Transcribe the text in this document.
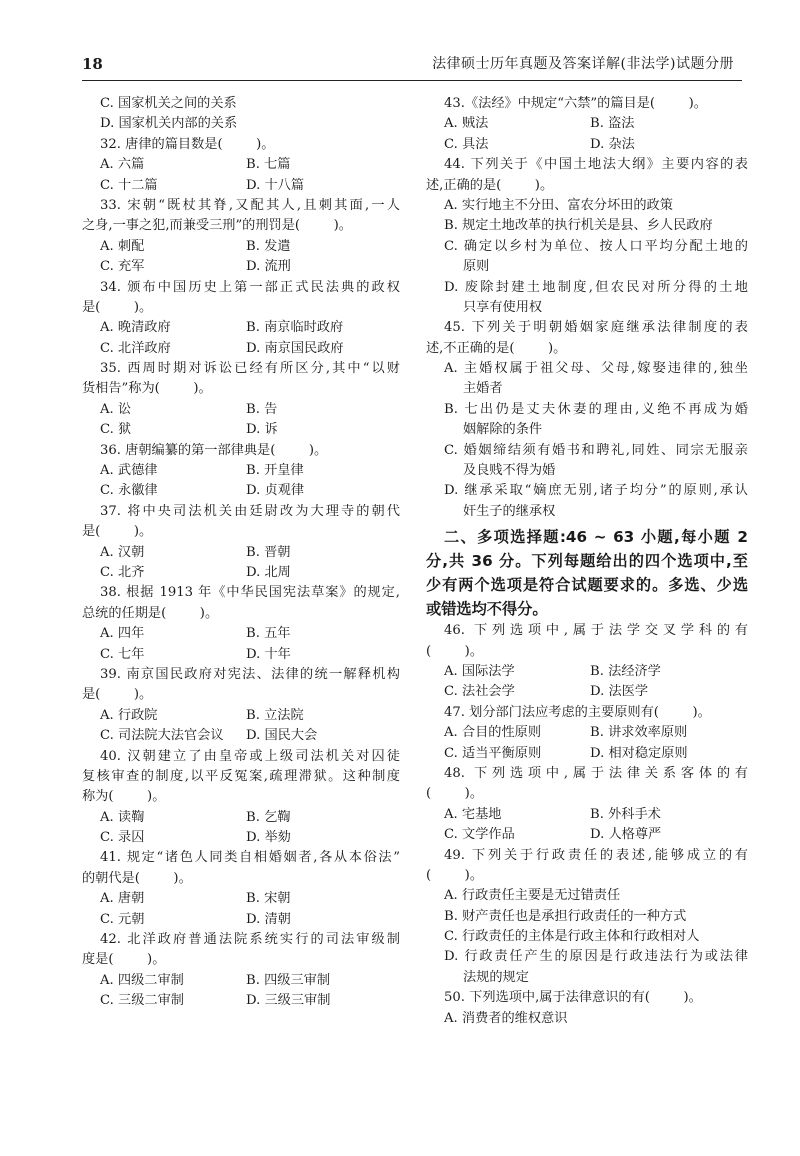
18	法律硕士历年真题及答案详解(非法学)试题分册
C. 国家机关之间的关系
D. 国家机关内部的关系
32. 唐律的篇目数是(        )。
A. 六篇	B. 七篇
C. 十二篇	D. 十八篇
33. 宋朝“既杖其脊,又配其人,且刺其面,一人
之身,一事之犯,而兼受三刑”的刑罚是(        )。
A. 刺配	B. 发遣
C. 充军	D. 流刑
34. 颁布中国历史上第一部正式民法典的政权
是(        )。
A. 晚清政府	B. 南京临时政府
C. 北洋政府	D. 南京国民政府
35. 西周时期对诉讼已经有所区分,其中“以财
货相告”称为(        )。
A. 讼	B. 告
C. 狱	D. 诉
36. 唐朝编纂的第一部律典是(        )。
A. 武德律	B. 开皇律
C. 永徽律	D. 贞观律
37. 将中央司法机关由廷尉改为大理寺的朝代
是(        )。
A. 汉朝	B. 晋朝
C. 北齐	D. 北周
38. 根据 1913 年《中华民国宪法草案》的规定,
总统的任期是(        )。
A. 四年	B. 五年
C. 七年	D. 十年
39. 南京国民政府对宪法、法律的统一解释机构
是(        )。
A. 行政院	B. 立法院
C. 司法院大法官会议	D. 国民大会
40. 汉朝建立了由皇帝或上级司法机关对囚徒
复核审查的制度,以平反冤案,疏理滞狱。这种制度
称为(        )。
A. 读鞫	B. 乞鞫
C. 录囚	D. 举劾
41. 规定“诸色人同类自相婚姻者,各从本俗法”
的朝代是(        )。
A. 唐朝	B. 宋朝
C. 元朝	D. 清朝
42. 北洋政府普通法院系统实行的司法审级制
度是(        )。
A. 四级二审制	B. 四级三审制
C. 三级二审制	D. 三级三审制
43.《法经》中规定“六禁”的篇目是(        )。
A. 贼法	B. 盗法
C. 具法	D. 杂法
44. 下列关于《中国土地法大纲》主要内容的表
述,正确的是(        )。
A. 实行地主不分田、富农分坏田的政策
B. 规定土地改革的执行机关是县、乡人民政府
C. 确定以乡村为单位、按人口平均分配土地的
原则
D. 废除封建土地制度,但农民对所分得的土地
只享有使用权
45. 下列关于明朝婚姻家庭继承法律制度的表
述,不正确的是(        )。
A. 主婚权属于祖父母、父母,嫁娶违律的,独坐
主婚者
B. 七出仍是丈夫休妻的理由,义绝不再成为婚
姻解除的条件
C. 婚姻缔结须有婚书和聘礼,同姓、同宗无服亲
及良贱不得为婚
D. 继承采取“嫡庶无别,诸子均分”的原则,承认
奸生子的继承权
二、多项选择题:46 ~ 63 小题,每小题 2
分,共 36 分。下列每题给出的四个选项中,至
少有两个选项是符合试题要求的。多选、少选
或错选均不得分。
46. 下列选项中,属于法学交叉学科的有
(        )。
A. 国际法学	B. 法经济学
C. 法社会学	D. 法医学
47. 划分部门法应考虑的主要原则有(        )。
A. 合目的性原则	B. 讲求效率原则
C. 适当平衡原则	D. 相对稳定原则
48. 下列选项中,属于法律关系客体的有
(        )。
A. 宅基地	B. 外科手术
C. 文学作品	D. 人格尊严
49. 下列关于行政责任的表述,能够成立的有
(        )。
A. 行政责任主要是无过错责任
B. 财产责任也是承担行政责任的一种方式
C. 行政责任的主体是行政主体和行政相对人
D. 行政责任产生的原因是行政违法行为或法律
法规的规定
50. 下列选项中,属于法律意识的有(        )。
A. 消费者的维权意识
